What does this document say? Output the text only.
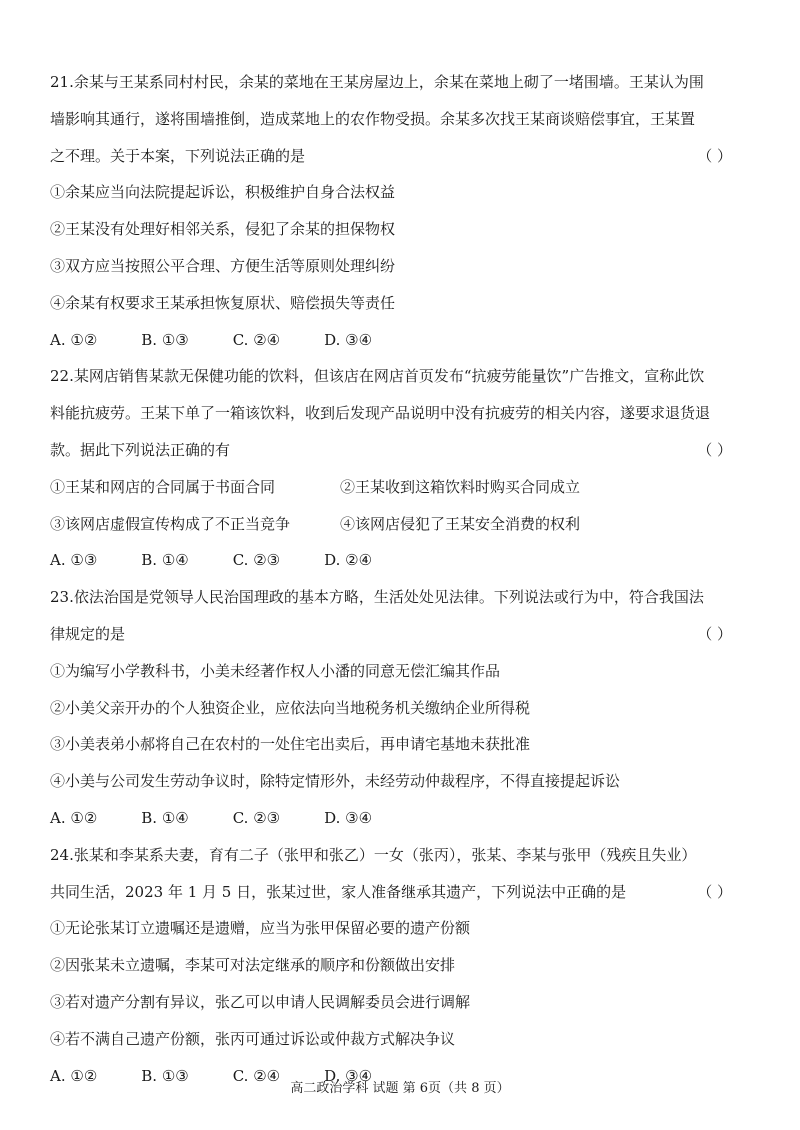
21.余某与王某系同村村民，余某的菜地在王某房屋边上，余某在菜地上砌了一堵围墙。王某认为围
墙影响其通行，遂将围墙推倒，造成菜地上的农作物受损。余某多次找王某商谈赔偿事宜，王某置
之不理。关于本案，下列说法正确的是	（ ）
①余某应当向法院提起诉讼，积极维护自身合法权益
②王某没有处理好相邻关系，侵犯了余某的担保物权
③双方应当按照公平合理、方便生活等原则处理纠纷
④余某有权要求王某承担恢复原状、赔偿损失等责任
A. ①②	B. ①③	C. ②④	D. ③④
22.某网店销售某款无保健功能的饮料，但该店在网店首页发布“抗疲劳能量饮”广告推文，宣称此饮
料能抗疲劳。王某下单了一箱该饮料，收到后发现产品说明中没有抗疲劳的相关内容，遂要求退货退
款。据此下列说法正确的有	（ ）
①王某和网店的合同属于书面合同	②王某收到这箱饮料时购买合同成立
③该网店虚假宣传构成了不正当竞争	④该网店侵犯了王某安全消费的权利
A. ①③	B. ①④	C. ②③	D. ②④
23.依法治国是党领导人民治国理政的基本方略，生活处处见法律。下列说法或行为中，符合我国法
律规定的是	（ ）
①为编写小学教科书，小美未经著作权人小潘的同意无偿汇编其作品
②小美父亲开办的个人独资企业，应依法向当地税务机关缴纳企业所得税
③小美表弟小郝将自己在农村的一处住宅出卖后，再申请宅基地未获批准
④小美与公司发生劳动争议时，除特定情形外，未经劳动仲裁程序，不得直接提起诉讼
A. ①②	B. ①④	C. ②③	D. ③④
24.张某和李某系夫妻，育有二子（张甲和张乙）一女（张丙），张某、李某与张甲（残疾且失业）
共同生活，2023 年 1 月 5 日，张某过世，家人准备继承其遗产，下列说法中正确的是	（ ）
①无论张某订立遗嘱还是遗赠，应当为张甲保留必要的遗产份额
②因张某未立遗嘱，李某可对法定继承的顺序和份额做出安排
③若对遗产分割有异议，张乙可以申请人民调解委员会进行调解
④若不满自己遗产份额，张丙可通过诉讼或仲裁方式解决争议
A. ①②	B. ①③	C. ②④	D. ③④
高二政治学科 试题 第 6页（共 8 页）
